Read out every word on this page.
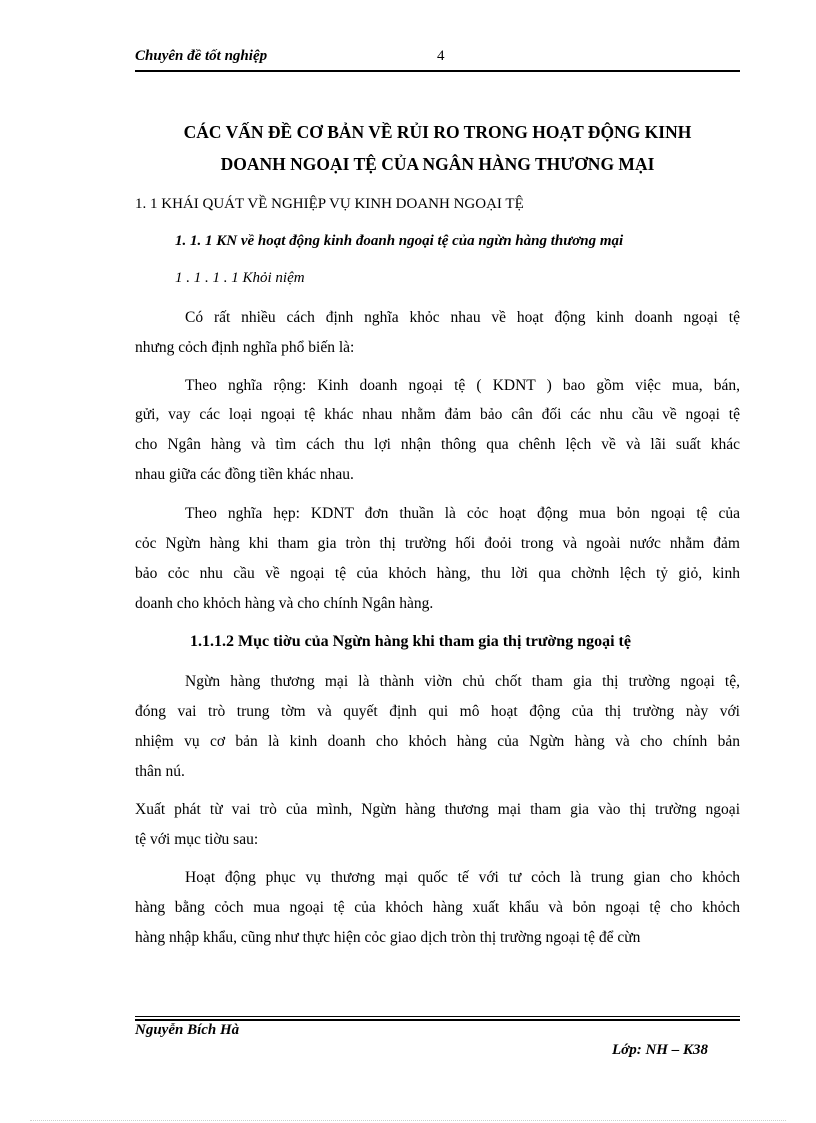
Chuyên đề tốt nghiệp	4
CÁC VẤN ĐỀ CƠ BẢN VỀ RỦI RO TRONG HOẠT ĐỘNG KINH
DOANH NGOẠI TỆ CỦA NGÂN HÀNG THƯƠNG MẠI
1. 1 KHÁI QUÁT VỀ NGHIỆP VỤ KINH DOANH NGOẠI TỆ
1. 1. 1 KN về hoạt động kinh đoanh ngoại tệ của ngừn hàng thương mại
1 . 1 . 1 . 1 Khỏi niệm
Có rất nhiều cách định nghĩa khỏc nhau về hoạt động kinh doanh ngoại tệ
nhưng cỏch định nghĩa phổ biến là:
Theo nghĩa rộng: Kinh doanh ngoại tệ ( KDNT ) bao gồm việc mua, bán,
gửi, vay các loại ngoại tệ khác nhau nhằm đảm bảo cân đối các nhu cầu về ngoại tệ
cho Ngân hàng và tìm cách thu lợi nhận thông qua chênh lệch về và lãi suất khác
nhau giữa các đồng tiền khác nhau.
Theo nghĩa hẹp: KDNT đơn thuần là cỏc hoạt động mua bỏn ngoại tệ của
cỏc Ngừn hàng khi tham gia tròn thị trường hối đoỏi trong và ngoài nước nhằm đảm
bảo cỏc nhu cầu về ngoại tệ của khỏch hàng, thu lời qua chờnh lệch tỷ giỏ, kinh
doanh cho khỏch hàng và cho chính Ngân hàng.
1.1.1.2 Mục tiờu của Ngừn hàng khi tham gia thị trường ngoại tệ
Ngừn hàng thương mại là thành viờn chủ chốt tham gia thị trường ngoại tệ,
đóng vai trò trung tờm và quyết định qui mô hoạt động của thị trường này với
nhiệm vụ cơ bản là kinh doanh cho khỏch hàng của Ngừn hàng và cho chính bản
thân nú.
Xuất phát từ vai trò của mình, Ngừn hàng thương mại tham gia vào thị trường ngoại
tệ với mục tiờu sau:
Hoạt động phục vụ thương mại quốc tế với tư cỏch là trung gian cho khỏch
hàng bằng cỏch mua ngoại tệ của khỏch hàng xuất khẩu và bỏn ngoại tệ cho khỏch
hàng nhập khẩu, cũng như thực hiện cỏc giao dịch tròn thị trường ngoại tệ để cừn
Nguyễn Bích Hà
Lớp: NH – K38
